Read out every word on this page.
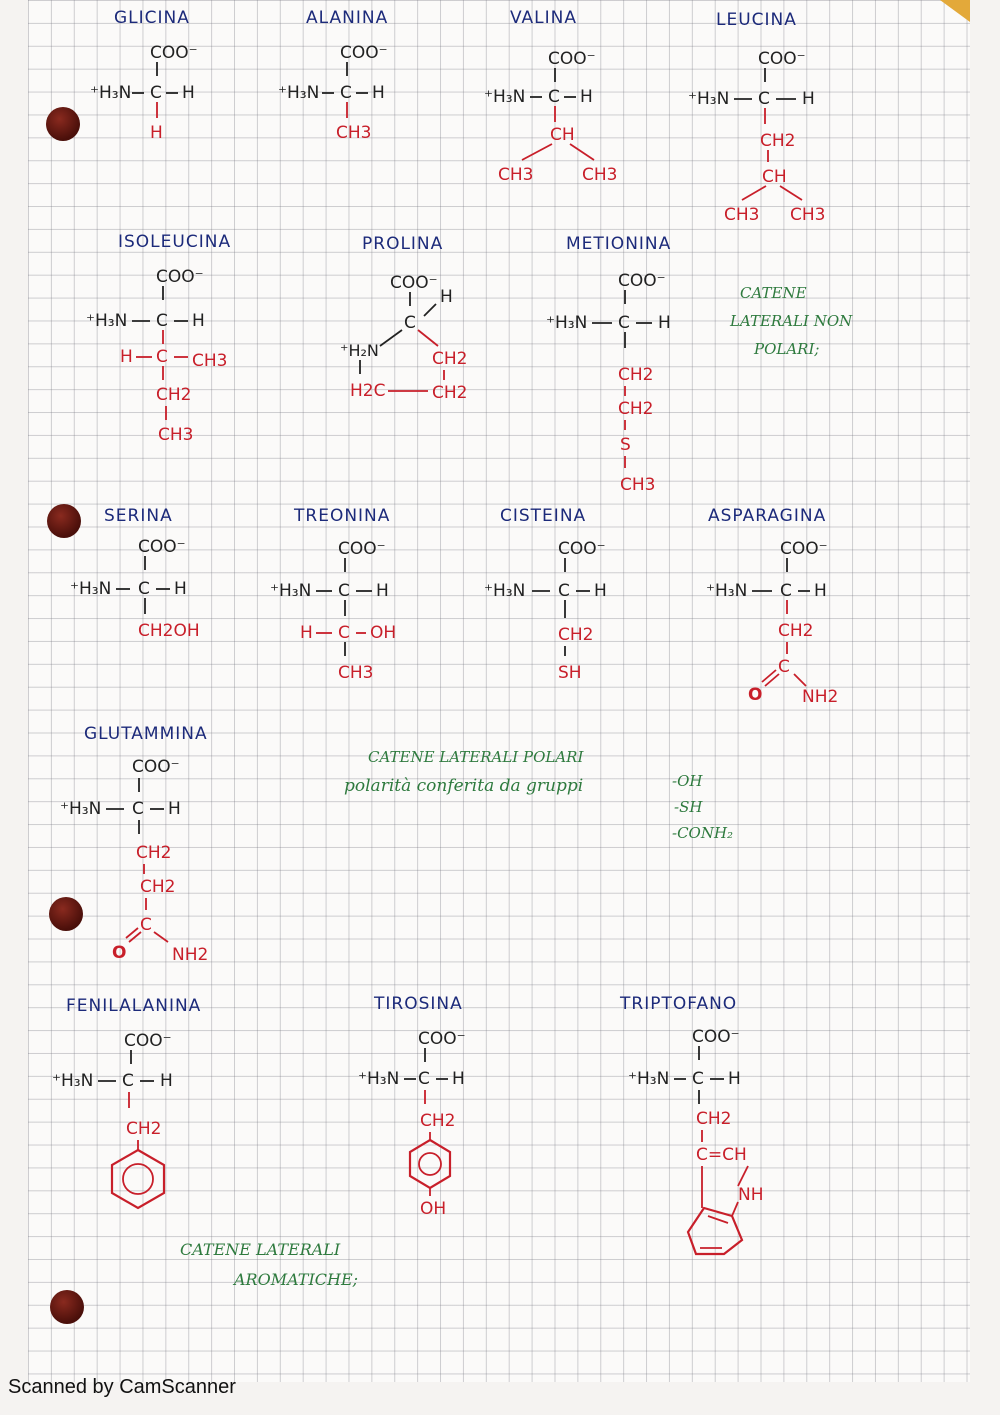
GLICINA	ALANINA	VALINA	LEUCINA
ISOLEUCINA	PROLINA	METIONINA
SERINA	TREONINA	CISTEINA	ASPARAGINA
GLUTAMMINA
FENILALANINA	TIROSINA	TRIPTOFANO
COO⁻
⁺H₃N C H
H
COO⁻
⁺H₃N C H
CH3
COO⁻
⁺H₃N C H
CH
CH3	CH3
COO⁻
⁺H₃N C H
CH2
CH
CH3 CH3
COO⁻
⁺H₃N C H
H C CH3
CH2
CH3
COO⁻
C
H
⁺H₂N	CH2
H2C	CH2
COO⁻
⁺H₃N C H
CH2
CH2
S
CH3
COO⁻
⁺H₃N C H
CH2OH
COO⁻
⁺H₃N C H
H C OH
CH3
COO⁻
⁺H₃N C H
CH2
SH
COO⁻
⁺H₃N C H
CH2
C
O NH2
COO⁻
⁺H₃N C H
CH2
CH2
C
O	NH2
COO⁻
⁺H₃N C H
CH2
COO⁻
⁺H₃N C H
CH2
OH
COO⁻
⁺H₃N C H
CH2
C=CH
NH
CATENE
LATERALI NON
POLARI;
CATENE LATERALI POLARI
polarità conferita da gruppi	-OH
-SH
-CONH₂
CATENE LATERALI
AROMATICHE;
Scanned by CamScanner
